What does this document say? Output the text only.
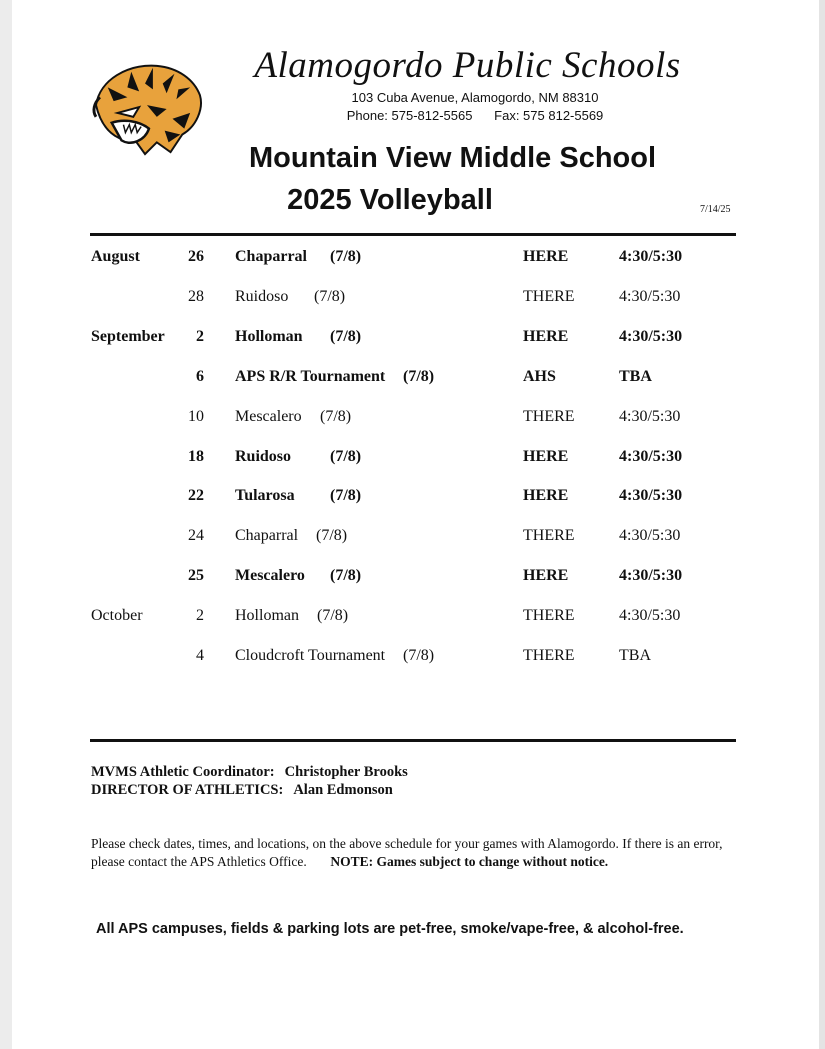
Alamogordo Public Schools
103 Cuba Avenue, Alamogordo, NM 88310
Phone: 575-812-5565 Fax: 575 812-5569
Mountain View Middle School
2025 Volleyball	7/14/25
August	26 Chaparral (7/8)	HERE	4:30/5:30
28 Ruidoso (7/8)	THERE	4:30/5:30
September	2 Holloman (7/8)	HERE	4:30/5:30
6 APS R/R Tournament (7/8)	AHS	TBA
10 Mescalero (7/8)	THERE	4:30/5:30
18 Ruidoso (7/8)	HERE	4:30/5:30
22 Tularosa (7/8)	HERE	4:30/5:30
24 Chaparral (7/8)	THERE	4:30/5:30
25 Mescalero (7/8)	HERE	4:30/5:30
October	2 Holloman (7/8)	THERE	4:30/5:30
4 Cloudcroft Tournament (7/8)	THERE	TBA
MVMS Athletic Coordinator: Christopher Brooks
DIRECTOR OF ATHLETICS: Alan Edmonson
Please check dates, times, and locations, on the above schedule for your games with Alamogordo. If there is an error, please contact the APS Athletics Office. NOTE: Games subject to change without notice.
All APS campuses, fields & parking lots are pet-free, smoke/vape-free, & alcohol-free.
